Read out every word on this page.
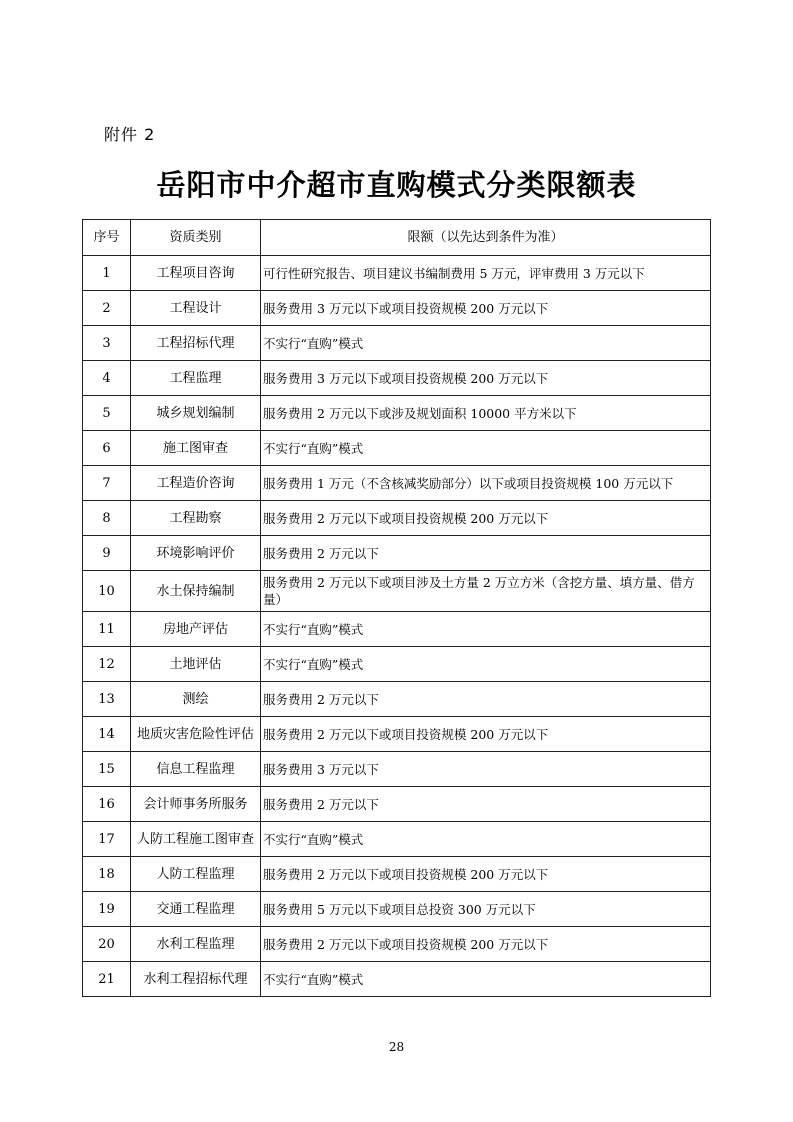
附件 2
岳阳市中介超市直购模式分类限额表
序号	资质类别	限额（以先达到条件为准）
1	工程项目咨询	可行性研究报告、项目建议书编制费用 5 万元，评审费用 3 万元以下
2	工程设计	服务费用 3 万元以下或项目投资规模 200 万元以下
3	工程招标代理	不实行“直购”模式
4	工程监理	服务费用 3 万元以下或项目投资规模 200 万元以下
5	城乡规划编制	服务费用 2 万元以下或涉及规划面积 10000 平方米以下
6	施工图审查	不实行“直购”模式
7	工程造价咨询	服务费用 1 万元（不含核减奖励部分）以下或项目投资规模 100 万元以下
8	工程勘察	服务费用 2 万元以下或项目投资规模 200 万元以下
9	环境影响评价	服务费用 2 万元以下
10	水土保持编制	服务费用 2 万元以下或项目涉及土方量 2 万立方米（含挖方量、填方量、借方量）
11	房地产评估	不实行“直购”模式
12	土地评估	不实行“直购”模式
13	测绘	服务费用 2 万元以下
14	地质灾害危险性评估	服务费用 2 万元以下或项目投资规模 200 万元以下
15	信息工程监理	服务费用 3 万元以下
16	会计师事务所服务	服务费用 2 万元以下
17	人防工程施工图审查	不实行“直购”模式
18	人防工程监理	服务费用 2 万元以下或项目投资规模 200 万元以下
19	交通工程监理	服务费用 5 万元以下或项目总投资 300 万元以下
20	水利工程监理	服务费用 2 万元以下或项目投资规模 200 万元以下
21	水利工程招标代理	不实行“直购”模式
28
